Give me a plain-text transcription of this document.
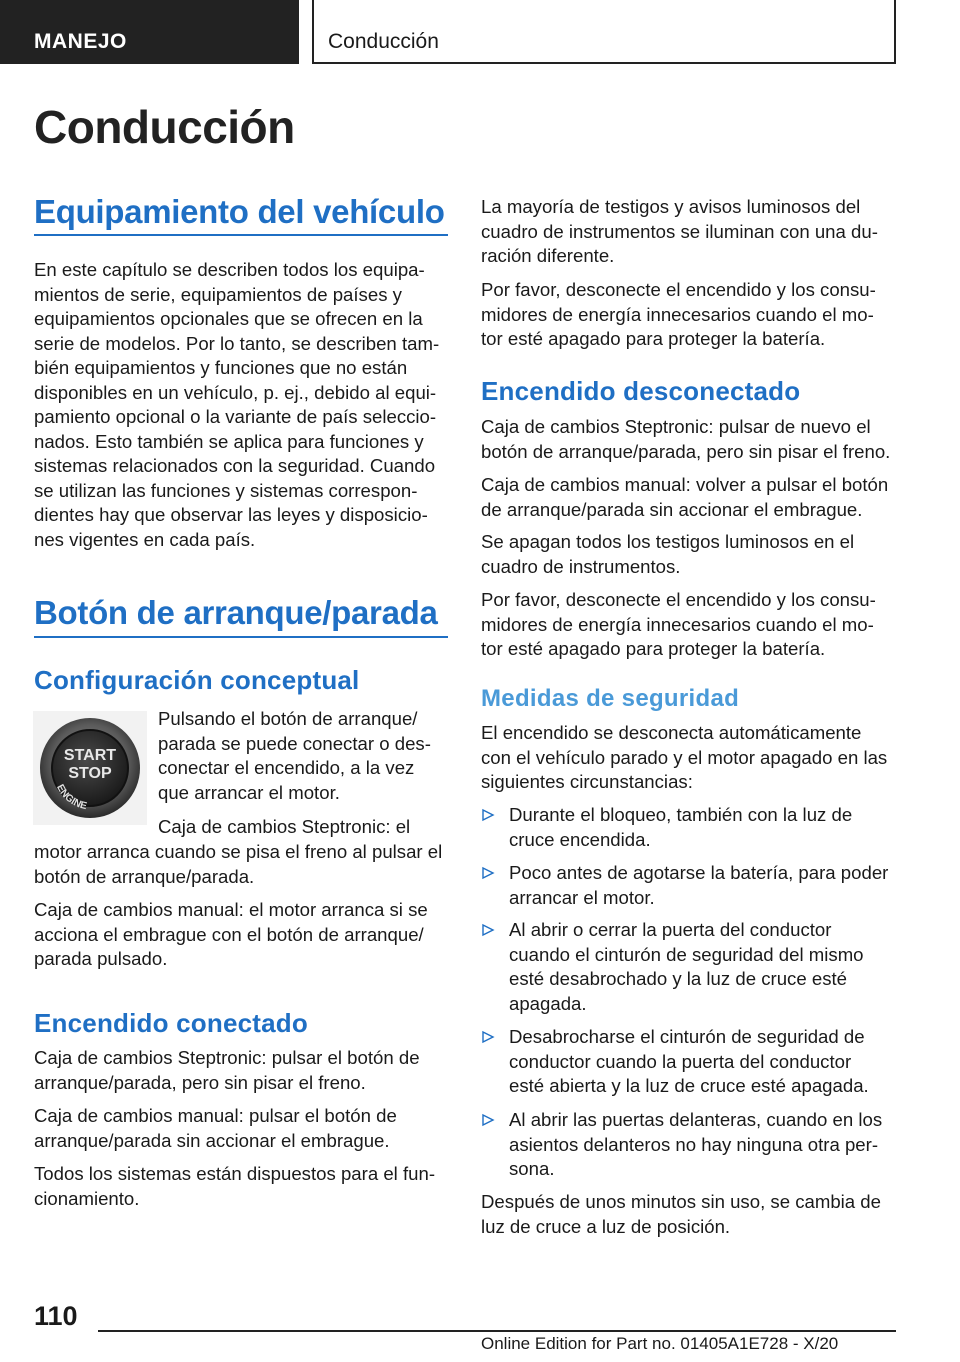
MANEJO	Conducción
Conducción
Equipamiento del vehículo
En este capítulo se describen todos los equipa‐
mientos de serie, equipamientos de países y
equipamientos opcionales que se ofrecen en la
serie de modelos. Por lo tanto, se describen tam‐
bién equipamientos y funciones que no están
disponibles en un vehículo, p. ej., debido al equi‐
pamiento opcional o la variante de país seleccio‐
nados. Esto también se aplica para funciones y
sistemas relacionados con la seguridad. Cuando
se utilizan las funciones y sistemas correspon‐
dientes hay que observar las leyes y disposicio‐
nes vigentes en cada país.
Botón de arranque/parada
Configuración conceptual
START
STOP
ENGINE
Pulsando el botón de arranque/
parada se puede conectar o des‐
conectar el encendido, a la vez
que arrancar el motor.
Caja de cambios Steptronic: el
motor arranca cuando se pisa el freno al pulsar el
botón de arranque/parada.
Caja de cambios manual: el motor arranca si se
acciona el embrague con el botón de arranque/
parada pulsado.
Encendido conectado
Caja de cambios Steptronic: pulsar el botón de
arranque/parada, pero sin pisar el freno.
Caja de cambios manual: pulsar el botón de
arranque/parada sin accionar el embrague.
Todos los sistemas están dispuestos para el fun‐
cionamiento.
La mayoría de testigos y avisos luminosos del
cuadro de instrumentos se iluminan con una du‐
ración diferente.
Por favor, desconecte el encendido y los consu‐
midores de energía innecesarios cuando el mo‐
tor esté apagado para proteger la batería.
Encendido desconectado
Caja de cambios Steptronic: pulsar de nuevo el
botón de arranque/parada, pero sin pisar el freno.
Caja de cambios manual: volver a pulsar el botón
de arranque/parada sin accionar el embrague.
Se apagan todos los testigos luminosos en el
cuadro de instrumentos.
Por favor, desconecte el encendido y los consu‐
midores de energía innecesarios cuando el mo‐
tor esté apagado para proteger la batería.
Medidas de seguridad
El encendido se desconecta automáticamente
con el vehículo parado y el motor apagado en las
siguientes circunstancias:
Durante el bloqueo, también con la luz de
cruce encendida.
Poco antes de agotarse la batería, para poder
arrancar el motor.
Al abrir o cerrar la puerta del conductor
cuando el cinturón de seguridad del mismo
esté desabrochado y la luz de cruce esté
apagada.
Desabrocharse el cinturón de seguridad de
conductor cuando la puerta del conductor
esté abierta y la luz de cruce esté apagada.
Al abrir las puertas delanteras, cuando en los
asientos delanteros no hay ninguna otra per‐
sona.
Después de unos minutos sin uso, se cambia de
luz de cruce a luz de posición.
110
Online Edition for Part no. 01405A1E728 - X/20
